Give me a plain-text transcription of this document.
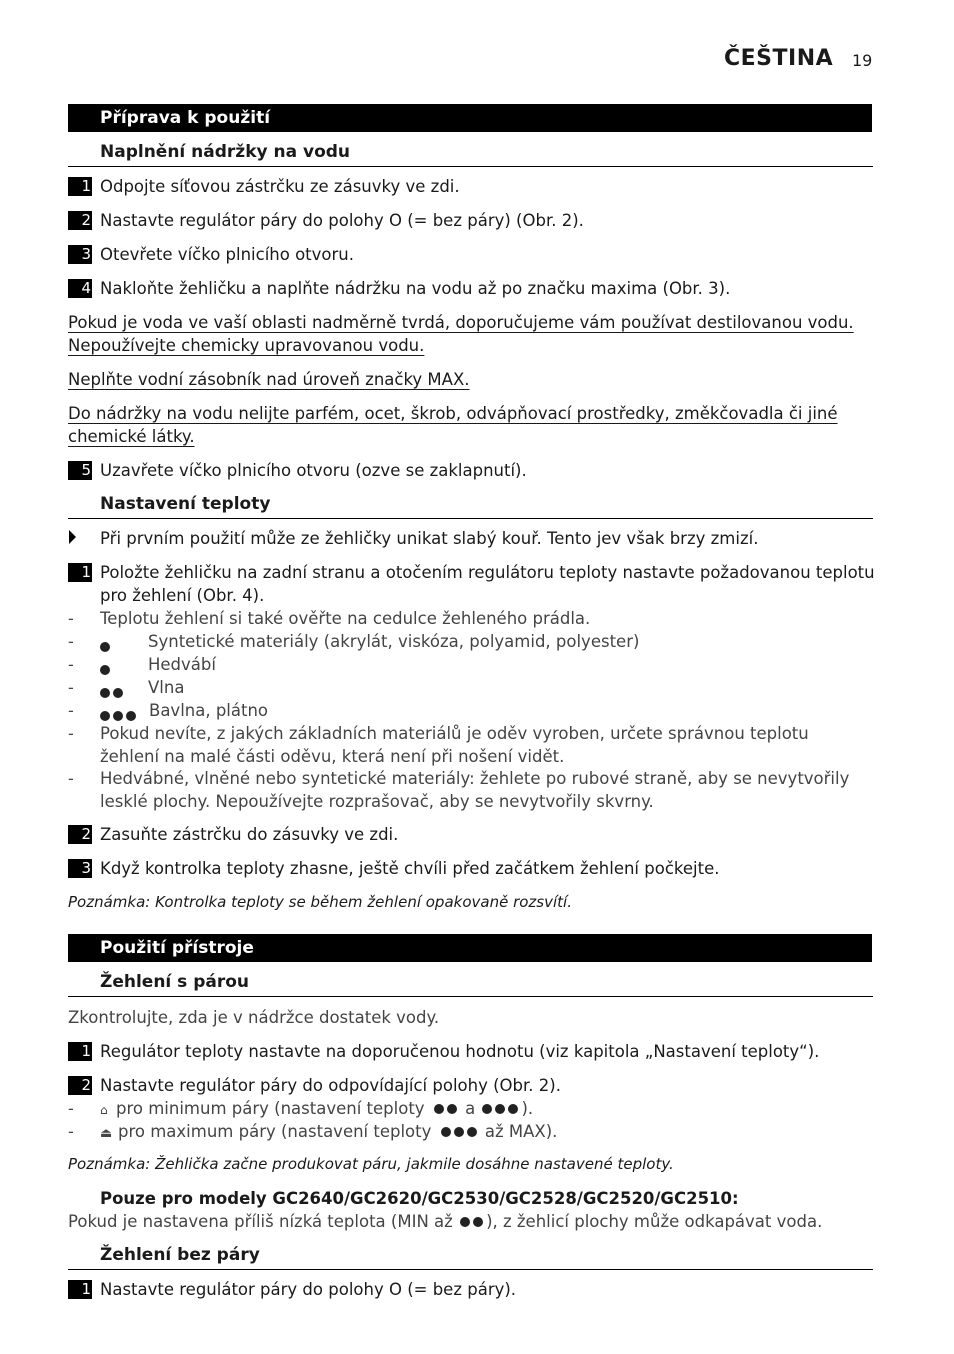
ČEŠTINA 19
Příprava k použití
Naplnění nádržky na vodu
1 Odpojte síťovou zástrčku ze zásuvky ve zdi.
2 Nastavte regulátor páry do polohy O (= bez páry) (Obr. 2).
3 Otevřete víčko plnicího otvoru.
4 Nakloňte žehličku a naplňte nádržku na vodu až po značku maxima (Obr. 3).
Pokud je voda ve vaší oblasti nadměrně tvrdá, doporučujeme vám používat destilovanou vodu.
Nepoužívejte chemicky upravovanou vodu.
Neplňte vodní zásobník nad úroveň značky MAX.
Do nádržky na vodu nelijte parfém, ocet, škrob, odvápňovací prostředky, změkčovadla či jiné
chemické látky.
5 Uzavřete víčko plnicího otvoru (ozve se zaklapnutí).
Nastavení teploty
Při prvním použití může ze žehličky unikat slabý kouř. Tento jev však brzy zmizí.
1 Položte žehličku na zadní stranu a otočením regulátoru teploty nastavte požadovanou teplotu pro žehlení (Obr. 4).
- Teplotu žehlení si také ověřte na cedulce žehleného prádla.
-	Syntetické materiály (akrylát, viskóza, polyamid, polyester)
-	Hedvábí
-	Vlna
-	Bavlna, plátno
- Pokud nevíte, z jakých základních materiálů je oděv vyroben, určete správnou teplotu žehlení na malé části oděvu, která není při nošení vidět.
- Hedvábné, vlněné nebo syntetické materiály: žehlete po rubové straně, aby se nevytvořily lesklé plochy. Nepoužívejte rozprašovač, aby se nevytvořily skvrny.
2 Zasuňte zástrčku do zásuvky ve zdi.
3 Když kontrolka teploty zhasne, ještě chvíli před začátkem žehlení počkejte.
Poznámka: Kontrolka teploty se během žehlení opakovaně rozsvítí.
Použití přístroje
Žehlení s párou
Zkontrolujte, zda je v nádržce dostatek vody.
1 Regulátor teploty nastavte na doporučenou hodnotu (viz kapitola „Nastavení teploty“).
2 Nastavte regulátor páry do odpovídající polohy (Obr. 2).
- ⌂ pro minimum páry (nastavení teploty a	).
- ⏏ pro maximum páry (nastavení teploty	až MAX).
Poznámka: Žehlička začne produkovat páru, jakmile dosáhne nastavené teploty.
Pouze pro modely GC2640/GC2620/GC2530/GC2528/GC2520/GC2510:
Pokud je nastavena příliš nízká teplota (MIN až ), z žehlicí plochy může odkapávat voda.
Žehlení bez páry
1 Nastavte regulátor páry do polohy O (= bez páry).
